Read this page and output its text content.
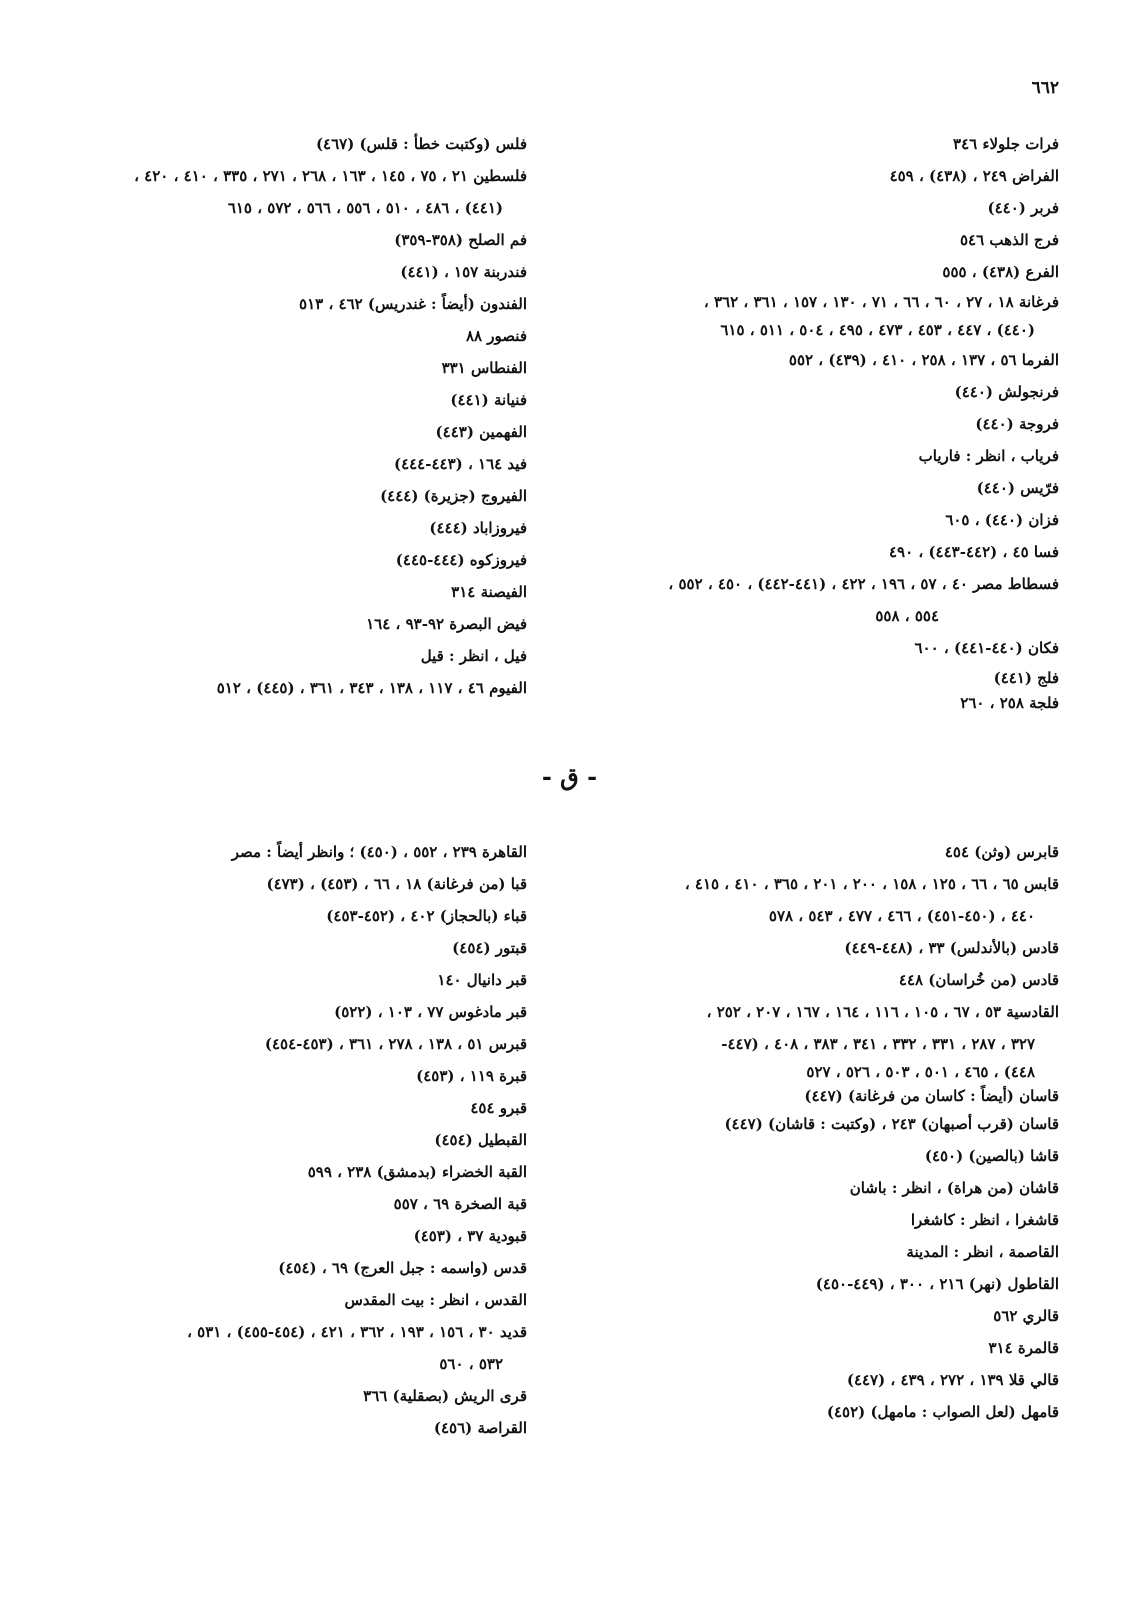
٦٦٢
فرات جلولاء ٣٤٦
الفراض ٢٤٩ ، (٤٣٨) ، ٤٥٩
فربر (٤٤٠)
فرج الذهب ٥٤٦
الفرع (٤٣٨) ، ٥٥٥
فرغانة ١٨ ، ٢٧ ، ٦٠ ، ٦٦ ، ٧١ ، ١٣٠ ، ١٥٧ ، ٣٦١ ، ٣٦٢ ،
(٤٤٠) ، ٤٤٧ ، ٤٥٣ ، ٤٧٣ ، ٤٩٥ ، ٥٠٤ ، ٥١١ ، ٦١٥
الفرما ٥٦ ، ١٣٧ ، ٢٥٨ ، ٤١٠ ، (٤٣٩) ، ٥٥٢
فرنجولش (٤٤٠)
فروجة (٤٤٠)
فرياب ، انظر : فارياب
فرّيس (٤٤٠)
فزان (٤٤٠) ، ٦٠٥
فسا ٤٥ ، (٤٤٢-٤٤٣) ، ٤٩٠
فسطاط مصر ٤٠ ، ٥٧ ، ١٩٦ ، ٤٢٢ ، (٤٤١-٤٤٢) ، ٤٥٠ ، ٥٥٢ ،
٥٥٤ ، ٥٥٨
فكان (٤٤٠-٤٤١) ، ٦٠٠
فلج (٤٤١)
فلجة ٢٥٨ ، ٢٦٠
فلس (وكتبت خطأ : قلس) (٤٦٧)
فلسطين ٢١ ، ٧٥ ، ١٤٥ ، ١٦٣ ، ٢٦٨ ، ٢٧١ ، ٣٣٥ ، ٤١٠ ، ٤٢٠ ،
(٤٤١) ، ٤٨٦ ، ٥١٠ ، ٥٥٦ ، ٥٦٦ ، ٥٧٢ ، ٦١٥
فم الصلح (٣٥٨-٣٥٩)
فندربنة ١٥٧ ، (٤٤١)
الفندون (أيضاً : غندريس) ٤٦٢ ، ٥١٣
فنصور ٨٨
الفنطاس ٣٣١
فنيانة (٤٤١)
الفهمين (٤٤٣)
فيد ١٦٤ ، (٤٤٣-٤٤٤)
الفيروج (جزيرة) (٤٤٤)
فيروزاباد (٤٤٤)
فيروزكوه (٤٤٤-٤٤٥)
الفيصنة ٣١٤
فيض البصرة ٩٢-٩٣ ، ١٦٤
فيل ، انظر : قيل
الفيوم ٤٦ ، ١١٧ ، ١٣٨ ، ٣٤٣ ، ٣٦١ ، (٤٤٥) ، ٥١٢
- ق -
قابرس (وثن) ٤٥٤
قابس ٦٥ ، ٦٦ ، ١٢٥ ، ١٥٨ ، ٢٠٠ ، ٢٠١ ، ٣٦٥ ، ٤١٠ ، ٤١٥ ،
٤٤٠ ، (٤٥٠-٤٥١) ، ٤٦٦ ، ٤٧٧ ، ٥٤٣ ، ٥٧٨
قادس (بالأندلس) ٣٣ ، (٤٤٨-٤٤٩)
قادس (من خُراسان) ٤٤٨
القادسية ٥٣ ، ٦٧ ، ١٠٥ ، ١١٦ ، ١٦٤ ، ١٦٧ ، ٢٠٧ ، ٢٥٢ ،
٣٢٧ ، ٢٨٧ ، ٣٣١ ، ٣٣٢ ، ٣٤١ ، ٣٨٣ ، ٤٠٨ ، (٤٤٧-
٤٤٨) ، ٤٦٥ ، ٥٠١ ، ٥٠٣ ، ٥٢٦ ، ٥٢٧
قاسان (أيضاً : كاسان من فرغانة) (٤٤٧)
قاسان (قرب أصبهان) ٢٤٣ ، (وكتبت : قاشان) (٤٤٧)
قاشا (بالصين) (٤٥٠)
قاشان (من هراة) ، انظر : باشان
قاشغرا ، انظر : كاشغرا
القاصمة ، انظر : المدينة
القاطول (نهر) ٢١٦ ، ٣٠٠ ، (٤٤٩-٤٥٠)
قالري ٥٦٢
قالمرة ٣١٤
قالي قلا ١٣٩ ، ٢٧٢ ، ٤٣٩ ، (٤٤٧)
قامهل (لعل الصواب : مامهل) (٤٥٢)
القاهرة ٢٣٩ ، ٥٥٢ ، (٤٥٠) ؛ وانظر أيضاً : مصر
قبا (من فرغانة) ١٨ ، ٦٦ ، (٤٥٣) ، (٤٧٣)
قباء (بالحجاز) ٤٠٢ ، (٤٥٢-٤٥٣)
قبتور (٤٥٤)
قبر دانيال ١٤٠
قبر مادغوس ٧٧ ، ١٠٣ ، (٥٢٢)
قبرس ٥١ ، ١٣٨ ، ٢٧٨ ، ٣٦١ ، (٤٥٣-٤٥٤)
قبرة ١١٩ ، (٤٥٣)
قبرو ٤٥٤
القبطيل (٤٥٤)
القبة الخضراء (بدمشق) ٢٣٨ ، ٥٩٩
قبة الصخرة ٦٩ ، ٥٥٧
قبودية ٣٧ ، (٤٥٣)
قدس (واسمه : جبل العرج) ٦٩ ، (٤٥٤)
القدس ، انظر : بيت المقدس
قديد ٣٠ ، ١٥٦ ، ١٩٣ ، ٣٦٢ ، ٤٢١ ، (٤٥٤-٤٥٥) ، ٥٣١ ،
٥٣٢ ، ٥٦٠
قرى الريش (بصقلية) ٣٦٦
القراصة (٤٥٦)
